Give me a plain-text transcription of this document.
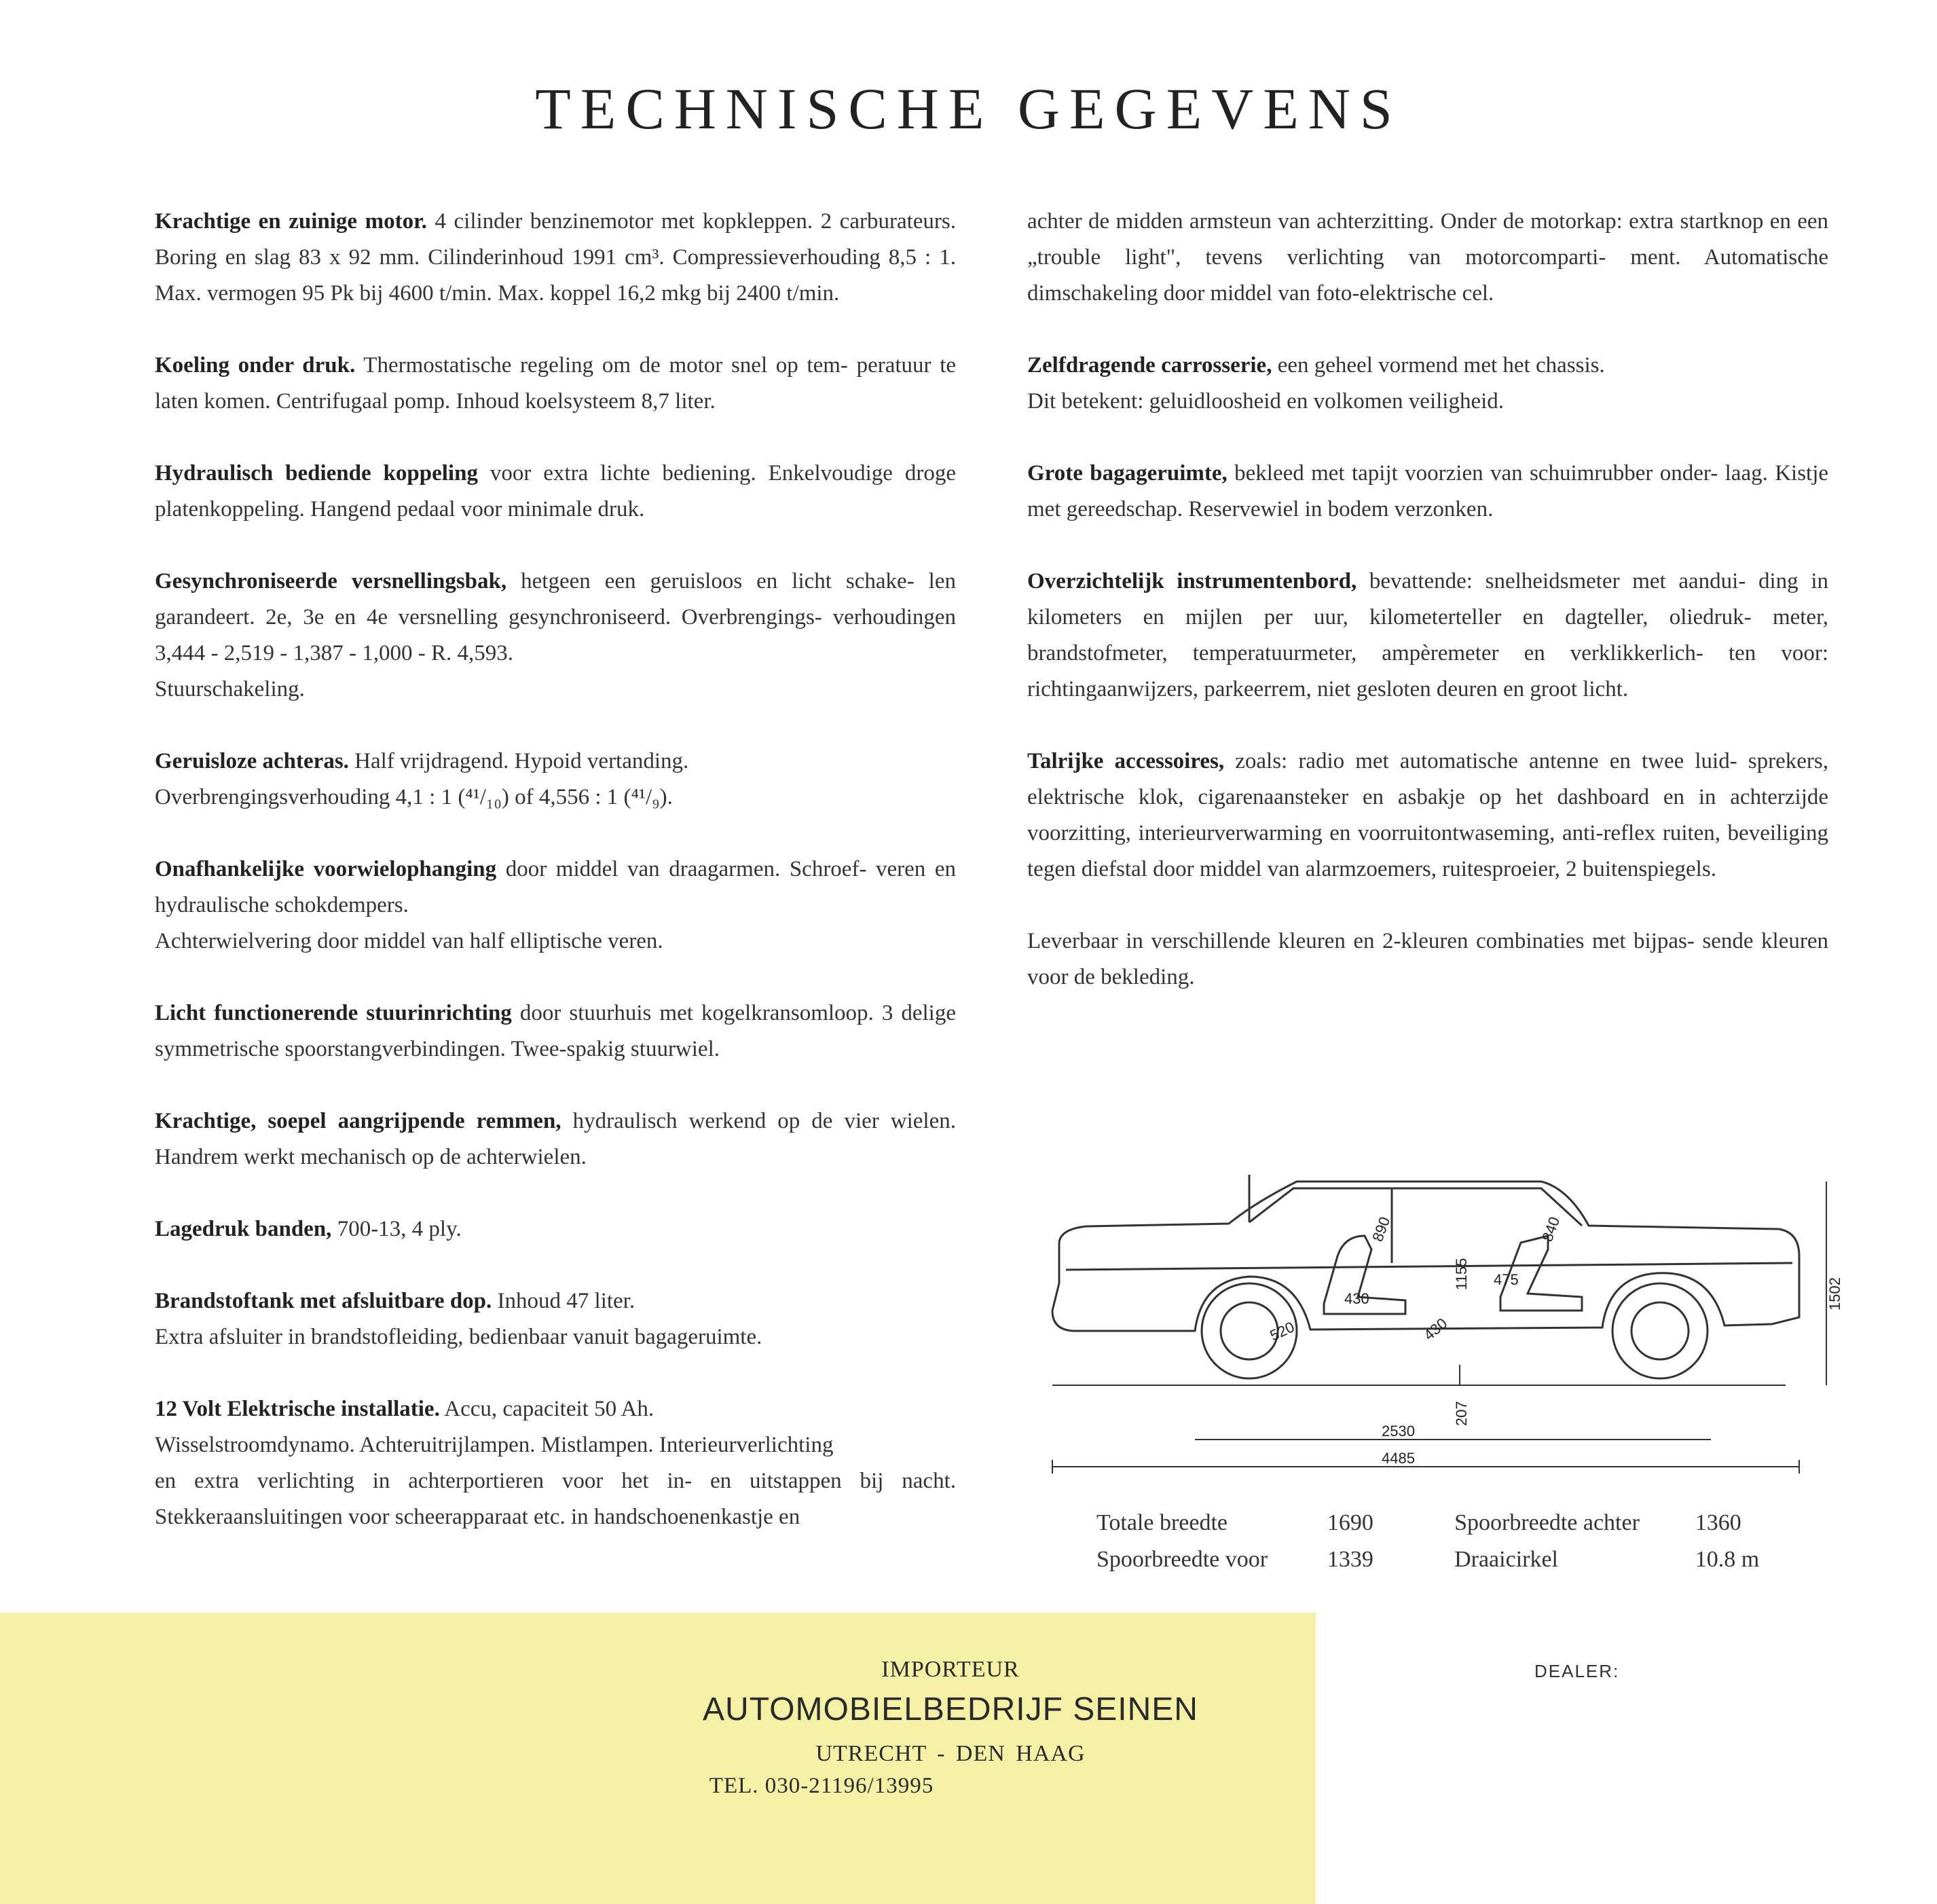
TECHNISCHE GEGEVENS

Krachtige en zuinige motor. 4 cilinder benzinemotor met kopkleppen. 2 carburateurs. Boring en slag 83 x 92 mm. Cilinderinhoud 1991 cm³. Compressieverhouding 8,5 : 1. Max. vermogen 95 Pk bij 4600 t/min. Max. koppel 16,2 mkg bij 2400 t/min.

Koeling onder druk. Thermostatische regeling om de motor snel op tem- peratuur te laten komen. Centrifugaal pomp. Inhoud koelsysteem 8,7 liter.

Hydraulisch bediende koppeling voor extra lichte bediening. Enkelvoudige droge platenkoppeling. Hangend pedaal voor minimale druk.

Gesynchroniseerde versnellingsbak, hetgeen een geruisloos en licht schake- len garandeert. 2e, 3e en 4e versnelling gesynchroniseerd. Overbrengings- verhoudingen 3,444 - 2,519 - 1,387 - 1,000 - R. 4,593.
Stuurschakeling.

Geruisloze achteras. Half vrijdragend. Hypoid vertanding.
Overbrengingsverhouding 4,1 : 1 (⁴¹/₁₀) of 4,556 : 1 (⁴¹/₉).

Onafhankelijke voorwielophanging door middel van draagarmen. Schroef- veren en hydraulische schokdempers.
Achterwielvering door middel van half elliptische veren.

Licht functionerende stuurinrichting door stuurhuis met kogelkransomloop. 3 delige symmetrische spoorstangverbindingen. Twee-spakig stuurwiel.

Krachtige, soepel aangrijpende remmen, hydraulisch werkend op de vier wielen. Handrem werkt mechanisch op de achterwielen.

Lagedruk banden, 700-13, 4 ply.

Brandstoftank met afsluitbare dop. Inhoud 47 liter.
Extra afsluiter in brandstofleiding, bedienbaar vanuit bagageruimte.

12 Volt Elektrische installatie. Accu, capaciteit 50 Ah.
Wisselstroomdynamo. Achteruitrijlampen. Mistlampen. Interieurverlichting
en extra verlichting in achterportieren voor het in- en uitstappen bij nacht. Stekkeraansluitingen voor scheerapparaat etc. in handschoenenkastje en

achter de midden armsteun van achterzitting. Onder de motorkap: extra startknop en een „trouble light", tevens verlichting van motorcomparti- ment. Automatische dimschakeling door middel van foto-elektrische cel.

Zelfdragende carrosserie, een geheel vormend met het chassis.
Dit betekent: geluidloosheid en volkomen veiligheid.

Grote bagageruimte, bekleed met tapijt voorzien van schuimrubber onder- laag. Kistje met gereedschap. Reservewiel in bodem verzonken.

Overzichtelijk instrumentenbord, bevattende: snelheidsmeter met aandui- ding in kilometers en mijlen per uur, kilometerteller en dagteller, oliedruk- meter, brandstofmeter, temperatuurmeter, ampèremeter en verklikkerlich- ten voor: richtingaanwijzers, parkeerrem, niet gesloten deuren en groot licht.

Talrijke accessoires, zoals: radio met automatische antenne en twee luid- sprekers, elektrische klok, cigarenaansteker en asbakje op het dashboard en in achterzijde voorzitting, interieurverwarming en voorruitontwaseming, anti-reflex ruiten, beveiliging tegen diefstal door middel van alarmzoemers, ruitesproeier, 2 buitenspiegels.

Leverbaar in verschillende kleuren en 2-kleuren combinaties met bijpas- sende kleuren voor de bekleding.

890
1155
840
475
430
520	430
207
1502
2530
4485
Totale breedte	1690	Spoorbreedte achter	1360
Spoorbreedte voor	1339	Draaicirkel	10.8 m
IMPORTEUR
AUTOMOBIELBEDRIJF SEINEN
UTRECHT - DEN HAAG
TEL. 030-21196/13995
DEALER:
